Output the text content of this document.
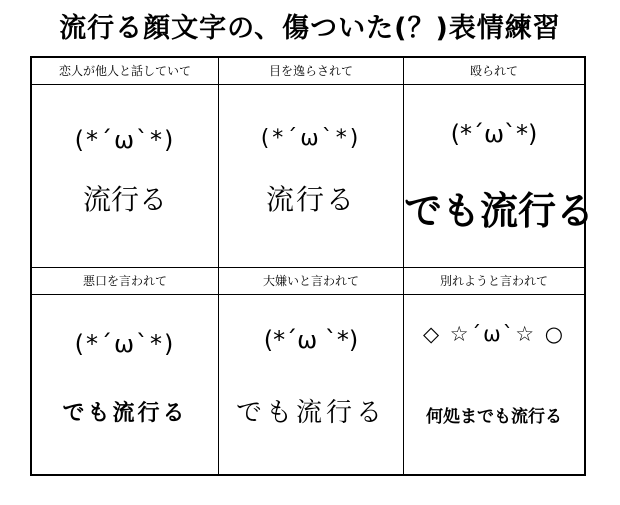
流行る顔文字の、傷ついた(？)表情練習
恋人が他人と話していて
(*´ω`*)
流行る
目を逸らされて
(*´ω`*)
流行る
殴られて
(*´ω`*)
でも流行る
悪口を言われて
(*´ω`*)
でも流行る
大嫌いと言われて
(*´ω `*)
でも流行る
別れようと言われて
◇ ☆´ω`☆ ○
何処までも流行る
